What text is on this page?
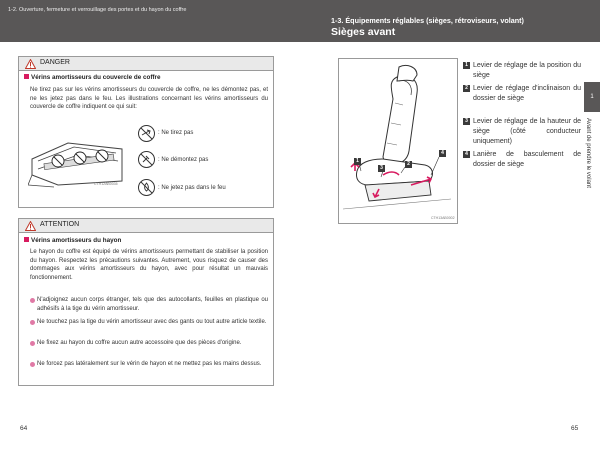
1-2. Ouverture, fermeture et verrouillage des portes et du hayon du coffre
1-3. Équipements réglables (sièges, rétroviseurs, volant)
Sièges avant
DANGER
Vérins amortisseurs du couvercle de coffre
Ne tirez pas sur les vérins amortisseurs du couvercle de coffre, ne les démontez pas, et ne les jetez pas dans le feu. Les illustrations concernant les vérins amortisseurs du couvercle de coffre indiquent ce qui suit:
CTH12AB0035
: Ne tirez pas
: Ne démontez pas
: Ne jetez pas dans le feu
ATTENTION
Vérins amortisseurs du hayon
Le hayon du coffre est équipé de vérins amortisseurs permettant de stabiliser la position du hayon. Respectez les précautions suivantes. Autrement, vous risquez de causer des dommages aux vérins amortisseurs du hayon, avec pour résultat un mauvais fonctionnement.
N'adjoignez aucun corps étranger, tels que des autocollants, feuilles en plastique ou adhésifs à la tige du vérin amortisseur.
Ne touchez pas la tige du vérin amortisseur avec des gants ou tout autre article textile.
Ne fixez au hayon du coffre aucun autre accessoire que des pièces d'origine.
Ne forcez pas latéralement sur le vérin de hayon et ne mettez pas les mains dessus.
1
3
2
4
CTH13AB0002
1 Levier de réglage de la position du siège
2 Levier de réglage d'inclinaison du dossier de siège
3 Levier de réglage de la hauteur de siège (côté conducteur uniquement)
4 Lanière de basculement de dossier de siège
1
Avant de prendre le volant
64	65
